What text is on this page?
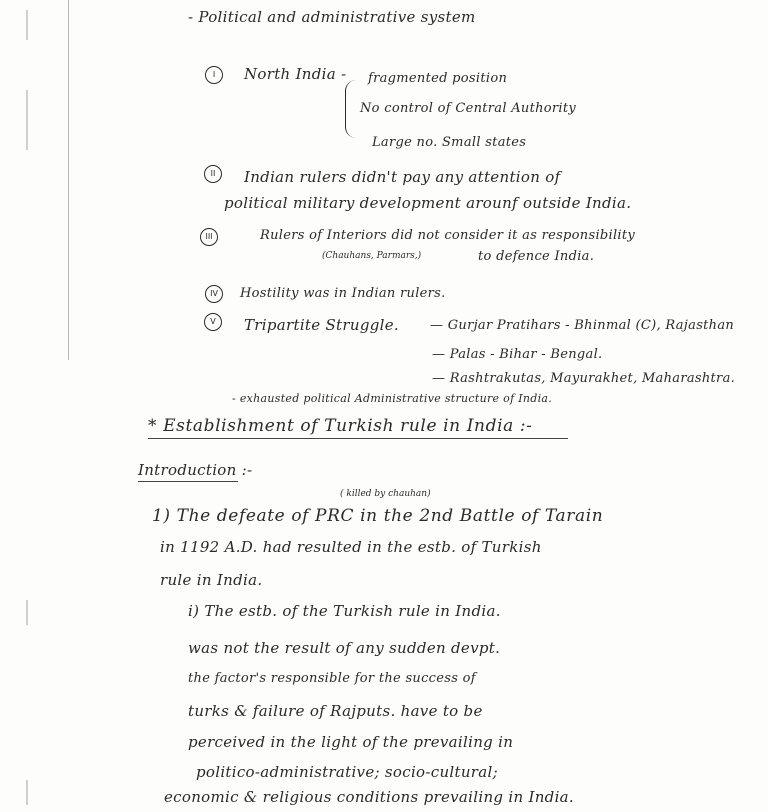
- Political and administrative system
I	North India - fragmented position
No control of Central Authority
Large no. Small states
II	Indian rulers didn't pay any attention of
political military development arounf outside India.
III	Rulers of Interiors did not consider it as responsibility
(Chauhans, Parmars,)	to defence India.
IV	Hostility was in Indian rulers.
V	Tripartite Struggle. — Gurjar Pratihars - Bhinmal (C), Rajasthan
— Palas - Bihar - Bengal.
— Rashtrakutas, Mayurakhet, Maharashtra.
- exhausted political Administrative structure of India.
* Establishment of Turkish rule in India :-
Introduction :-
( killed by chauhan)
1) The defeate of PRC in the 2nd Battle of Tarain
in 1192 A.D. had resulted in the estb. of Turkish
rule in India.
i) The estb. of the Turkish rule in India.
was not the result of any sudden devpt.
the factor's responsible for the success of
turks & failure of Rajputs. have to be
perceived in the light of the prevailing in
politico-administrative; socio-cultural;
economic & religious conditions prevailing in India.
